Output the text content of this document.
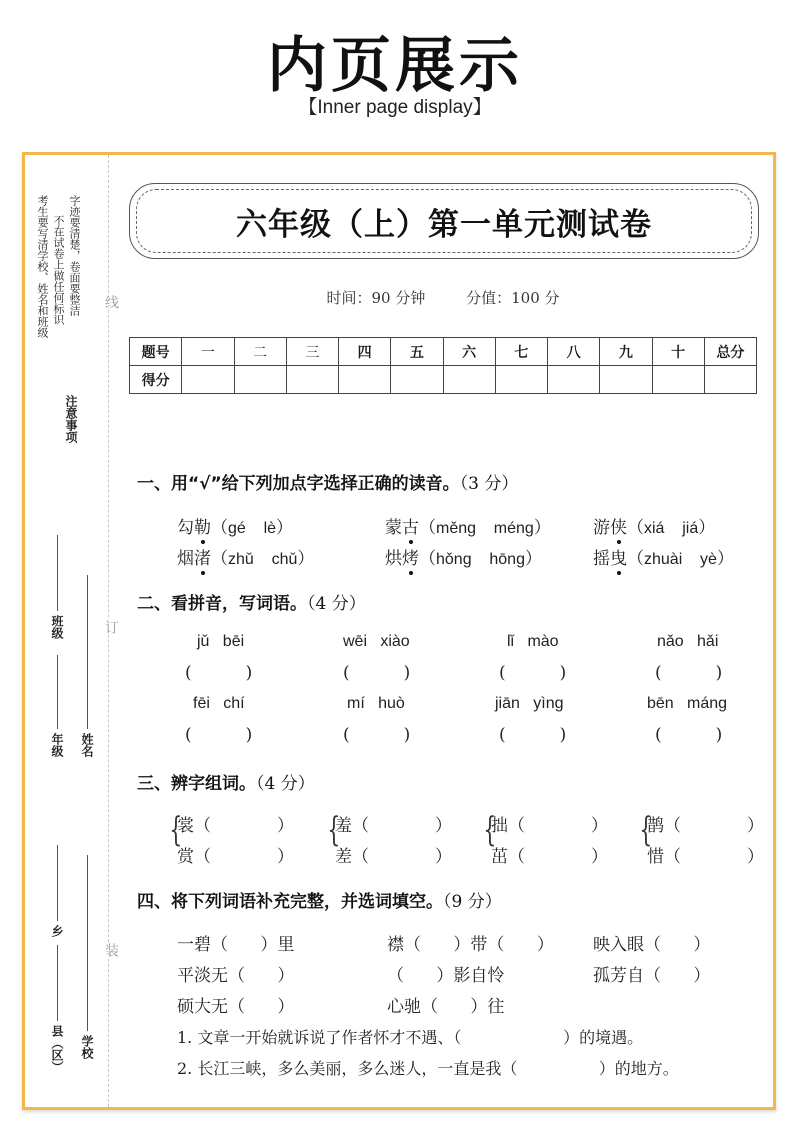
内页展示
【Inner page display】
考生要写清学校、姓名和班级 不在试卷上做任何标识 字迹要清楚，卷面要整洁
注意事项
班级
年级 姓名
乡
县（区） 学校
线
订
装
六年级（上）第一单元测试卷
时间：90 分钟	分值：100 分
题号	一	二	三	四	五	六	七	八	九	十	总分
得分											
一、用“√”给下列加点字选择正确的读音。（3 分）
勾勒（gé    lè）	蒙古（měng    méng） 游侠（xiá    jiá）
烟渚（zhǔ    chǔ）	烘烤（hǒng    hōng）	摇曳（zhuài    yè）
二、看拼音，写词语。（4 分）
jǔ   bēi	wēi   xiào	lǐ   mào	nǎo   hǎi
(          )	(          )	(          )	(          )
fēi   chí	mí   huò	jiān   yìng	bēn   máng
(          )	(          )	(          )	(          )
三、辨字组词。（4 分）
{
裳（	）
赏（	）
{
羞（	）
差（	）
{
拙（	）
茁（	）
{
鹊（	）
惜（	）
四、将下列词语补充完整，并选词填空。（9 分）
一碧（      ）里	襟（      ）带（      ） 映入眼（      ）
平淡无（      ）	（      ）影自怜	孤芳自（      ）
硕大无（      ）	心驰（      ）往
1. 文章一开始就诉说了作者怀才不遇、（                    ）的境遇。
2. 长江三峡，多么美丽，多么迷人，一直是我（                ）的地方。
